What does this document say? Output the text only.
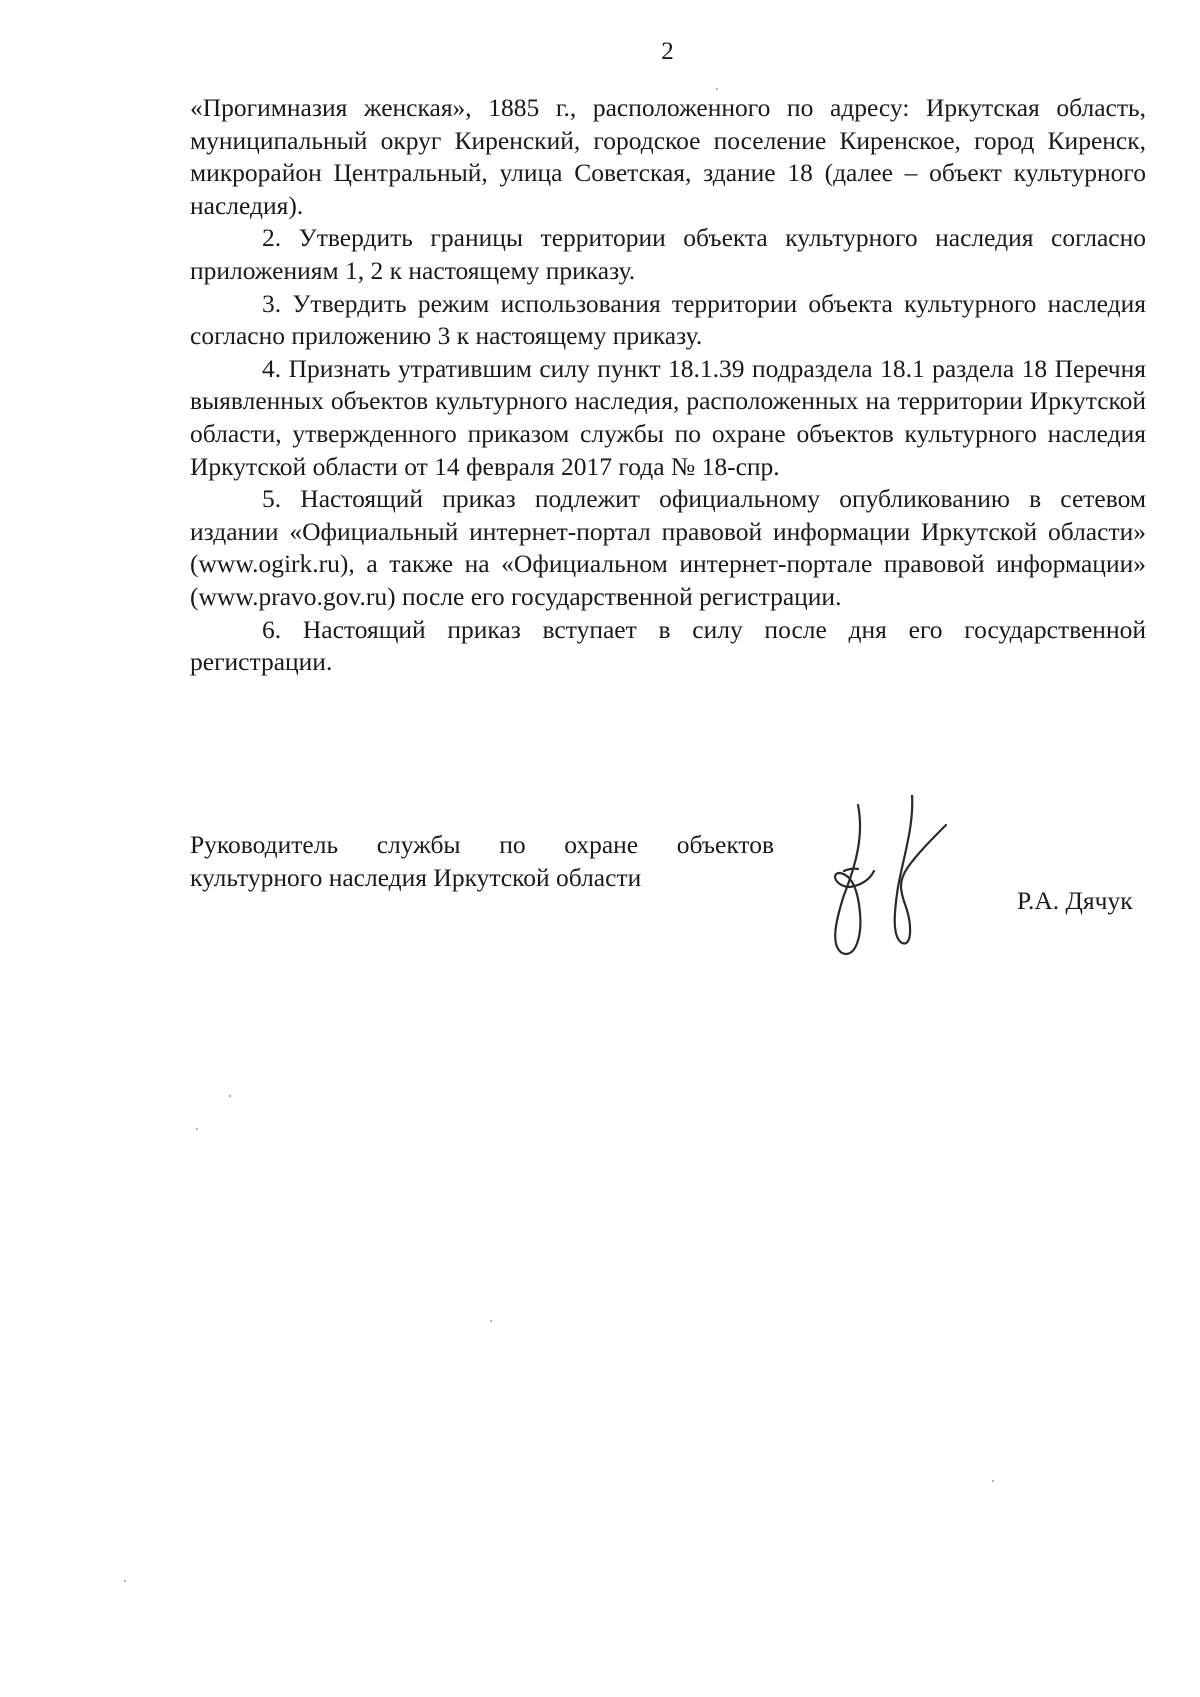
2

«Прогимназия женская», 1885 г., расположенного по адресу: Иркутская область, муниципальный округ Киренский, городское поселение Киренское, город Киренск, микрорайон Центральный, улица Советская, здание 18 (далее – объект культурного наследия).

2. Утвердить границы территории объекта культурного наследия согласно приложениям 1, 2 к настоящему приказу.

3. Утвердить режим использования территории объекта культурного наследия согласно приложению 3 к настоящему приказу.

4. Признать утратившим силу пункт 18.1.39 подраздела 18.1 раздела 18 Перечня выявленных объектов культурного наследия, расположенных на территории Иркутской области, утвержденного приказом службы по охране объектов культурного наследия Иркутской области от 14 февраля 2017 года № 18-спр.

5. Настоящий приказ подлежит официальному опубликованию в сетевом издании «Официальный интернет-портал правовой информации Иркутской области» (www.ogirk.ru), а также на «Официальном интернет-портале правовой информации» (www.pravo.gov.ru) после его государственной регистрации.

6. Настоящий приказ вступает в силу после дня его государственной регистрации.

Руководитель службы по охране объектов
культурного наследия Иркутской области
Р.А. Дячук
